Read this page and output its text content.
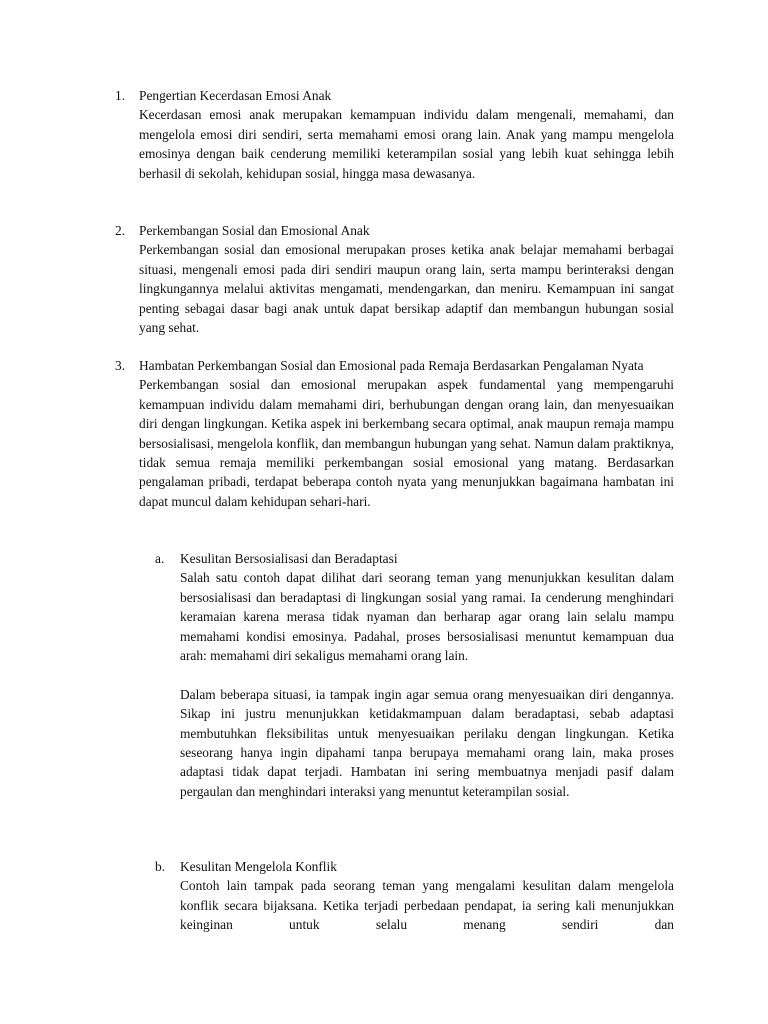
1. Pengertian Kecerdasan Emosi Anak

Kecerdasan emosi anak merupakan kemampuan individu dalam mengenali, memahami, dan mengelola emosi diri sendiri, serta memahami emosi orang lain. Anak yang mampu mengelola emosinya dengan baik cenderung memiliki keterampilan sosial yang lebih kuat sehingga lebih berhasil di sekolah, kehidupan sosial, hingga masa dewasanya.

2. Perkembangan Sosial dan Emosional Anak

Perkembangan sosial dan emosional merupakan proses ketika anak belajar memahami berbagai situasi, mengenali emosi pada diri sendiri maupun orang lain, serta mampu berinteraksi dengan lingkungannya melalui aktivitas mengamati, mendengarkan, dan meniru. Kemampuan ini sangat penting sebagai dasar bagi anak untuk dapat bersikap adaptif dan membangun hubungan sosial yang sehat.

3. Hambatan Perkembangan Sosial dan Emosional pada Remaja Berdasarkan Pengalaman Nyata

Perkembangan sosial dan emosional merupakan aspek fundamental yang mempengaruhi kemampuan individu dalam memahami diri, berhubungan dengan orang lain, dan menyesuaikan diri dengan lingkungan. Ketika aspek ini berkembang secara optimal, anak maupun remaja mampu bersosialisasi, mengelola konflik, dan membangun hubungan yang sehat. Namun dalam praktiknya, tidak semua remaja memiliki perkembangan sosial emosional yang matang. Berdasarkan pengalaman pribadi, terdapat beberapa contoh nyata yang menunjukkan bagaimana hambatan ini dapat muncul dalam kehidupan sehari-hari.

a. Kesulitan Bersosialisasi dan Beradaptasi

Salah satu contoh dapat dilihat dari seorang teman yang menunjukkan kesulitan dalam bersosialisasi dan beradaptasi di lingkungan sosial yang ramai. Ia cenderung menghindari keramaian karena merasa tidak nyaman dan berharap agar orang lain selalu mampu memahami kondisi emosinya. Padahal, proses bersosialisasi menuntut kemampuan dua arah: memahami diri sekaligus memahami orang lain.

Dalam beberapa situasi, ia tampak ingin agar semua orang menyesuaikan diri dengannya. Sikap ini justru menunjukkan ketidakmampuan dalam beradaptasi, sebab adaptasi membutuhkan fleksibilitas untuk menyesuaikan perilaku dengan lingkungan. Ketika seseorang hanya ingin dipahami tanpa berupaya memahami orang lain, maka proses adaptasi tidak dapat terjadi. Hambatan ini sering membuatnya menjadi pasif dalam pergaulan dan menghindari interaksi yang menuntut keterampilan sosial.

b. Kesulitan Mengelola Konflik

Contoh lain tampak pada seorang teman yang mengalami kesulitan dalam mengelola konflik secara bijaksana. Ketika terjadi perbedaan pendapat, ia sering kali menunjukkan keinginan untuk selalu menang sendiri dan
